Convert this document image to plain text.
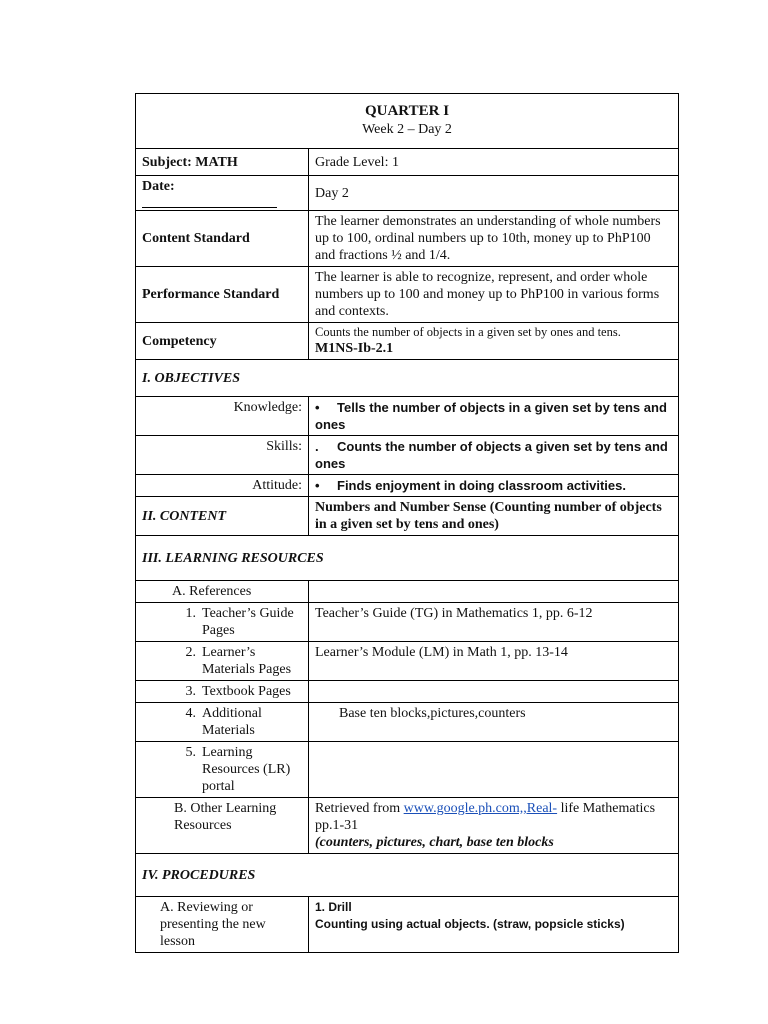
QUARTER I
Week 2 – Day 2	

Subject: MATH	Grade Level: 1
Date:	Day 2
Content Standard	The learner demonstrates an understanding of whole numbers up to 100, ordinal numbers up to 10th, money up to PhP100 and fractions ½ and 1/4.
Performance Standard	The learner is able to recognize, represent, and order whole numbers up to 100 and money up to PhP100 in various forms and contexts.
Competency	Counts the number of objects in a given set by ones and tens.
M1NS-Ib-2.1

I. OBJECTIVES	
Knowledge:	• Tells the number of objects in a given set by tens and ones
Skills:	. Counts the number of objects a given set by tens and ones
Attitude:	• Finds enjoyment in doing classroom activities.
II. CONTENT	Numbers and Number Sense (Counting number of objects in a given set by tens and ones)
III. LEARNING RESOURCES	
A. References	

1. Teacher’s Guide Pages	Teacher’s Guide (TG) in Mathematics 1, pp. 6-12

2. Learner’s Materials Pages	Learner’s Module (LM) in Math 1, pp. 13-14

3. Textbook Pages	

4. Additional Materials	Base ten blocks,pictures,counters

5. Learning Resources (LR) portal	

B. Other Learning Resources	Retrieved from www.google.ph.com,,Real- life Mathematics pp.1-31
(counters, pictures, chart, base ten blocks

IV. PROCEDURES	
A. Reviewing or presenting the new lesson	1. Drill
Counting using actual objects. (straw, popsicle sticks)
